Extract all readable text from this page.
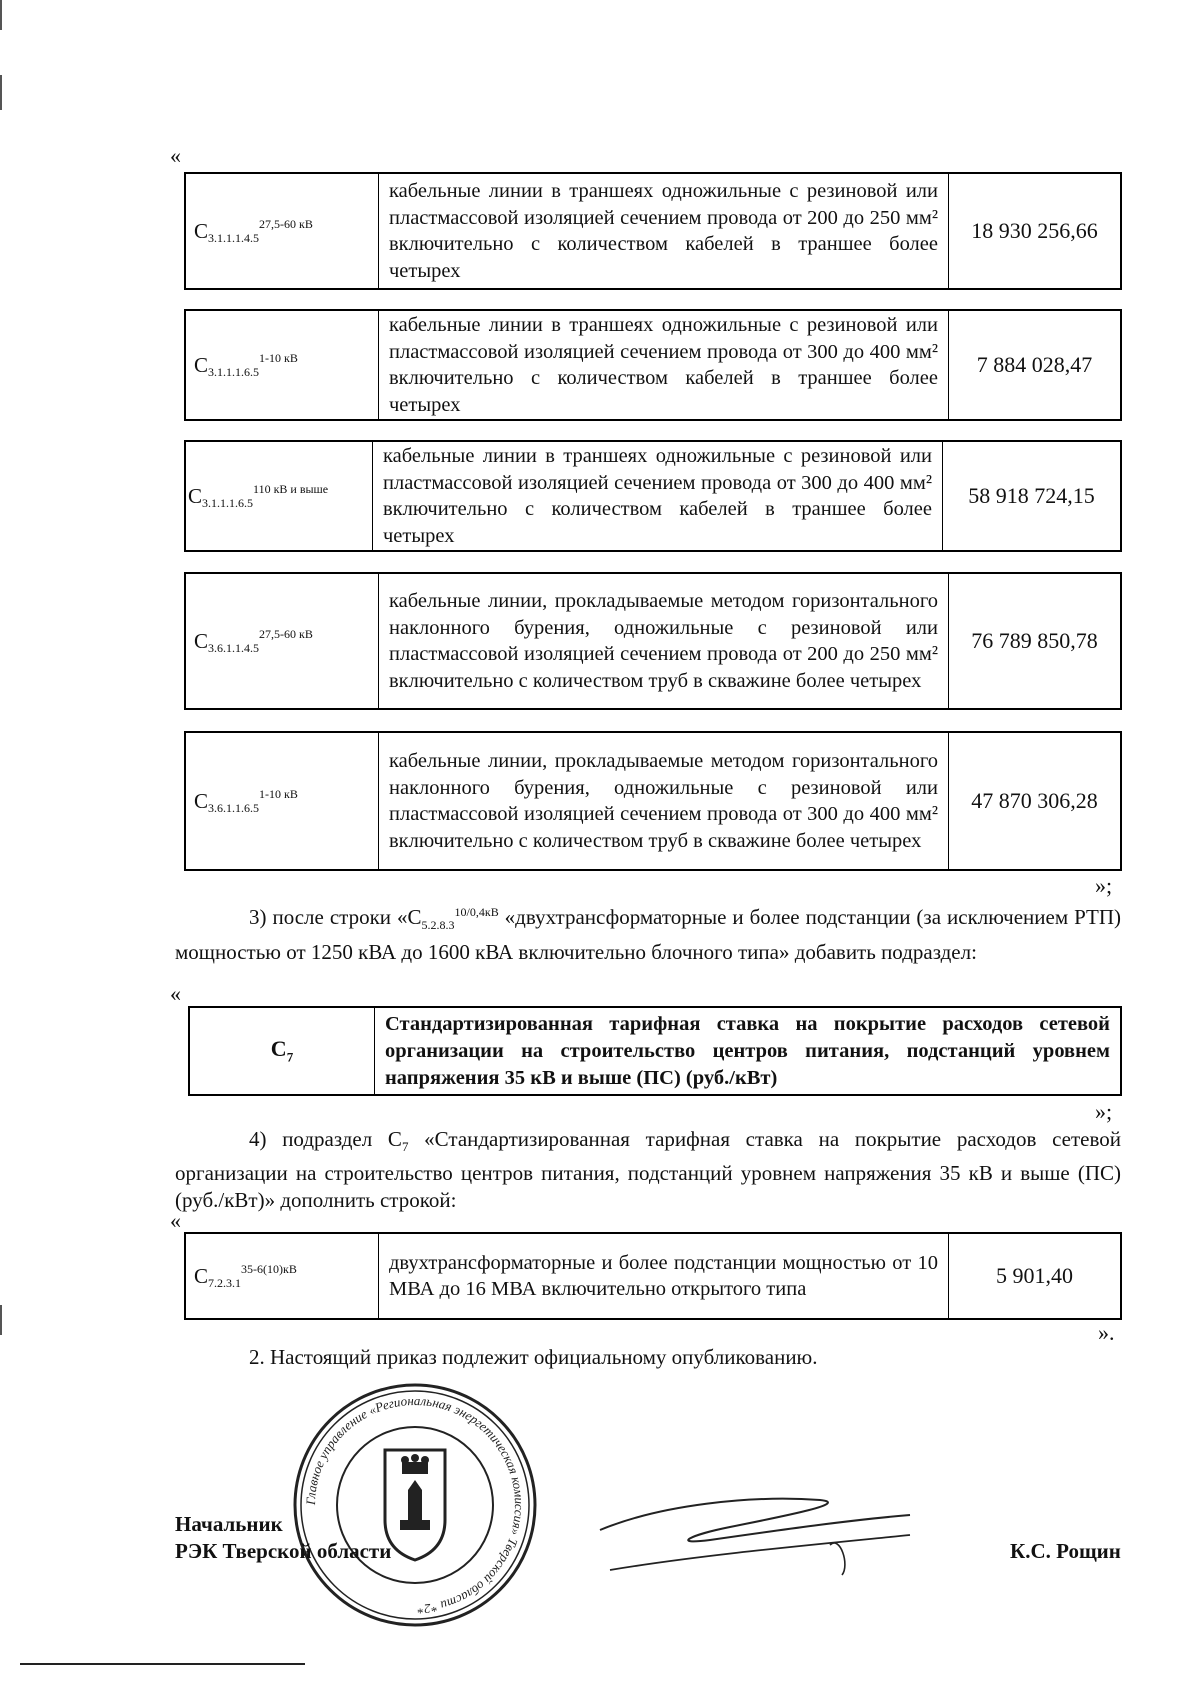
«
$С_{3.1.1.1.4.5}^{27,5-60 кВ}$	кабельные линии в траншеях одножильные с резиновой или пластмассовой изоляцией сечением провода от 200 до 250 мм² включительно с количеством кабелей в траншее более четырех	18 930 256,66
$С_{3.1.1.1.6.5}^{1-10 кВ}$	кабельные линии в траншеях одножильные с резиновой или пластмассовой изоляцией сечением провода от 300 до 400 мм² включительно с количеством кабелей в траншее более четырех	7 884 028,47
$С_{3.1.1.1.6.5}^{110 кВ и выше}$	кабельные линии в траншеях одножильные с резиновой или пластмассовой изоляцией сечением провода от 300 до 400 мм² включительно с количеством кабелей в траншее более четырех	58 918 724,15
$С_{3.6.1.1.4.5}^{27,5-60 кВ}$	кабельные линии, прокладываемые методом горизонтального наклонного бурения, одножильные с резиновой или пластмассовой изоляцией сечением провода от 200 до 250 мм² включительно с количеством труб в скважине более четырех	76 789 850,78
$С_{3.6.1.1.6.5}^{1-10 кВ}$	кабельные линии, прокладываемые методом горизонтального наклонного бурения, одножильные с резиновой или пластмассовой изоляцией сечением провода от 300 до 400 мм² включительно с количеством труб в скважине более четырех	47 870 306,28
»;
3) после строки «$С_{5.2.8.3}^{10/0,4кВ}$ «двухтрансформаторные и более подстанции (за исключением РТП) мощностью от 1250 кВА до 1600 кВА включительно блочного типа» добавить подраздел:
«
$С_7$	Стандартизированная тарифная ставка на покрытие расходов сетевой организации на строительство центров питания, подстанций уровнем напряжения 35 кВ и выше (ПС) (руб./кВт)
»;
4) подраздел $С_7$ «Стандартизированная тарифная ставка на покрытие расходов сетевой организации на строительство центров питания, подстанций уровнем напряжения 35 кВ и выше (ПС) (руб./кВт)» дополнить строкой:
«
$С_{7.2.3.1}^{35-6(10)кВ}$	двухтрансформаторные и более подстанции мощностью от 10 МВА до 16 МВА включительно открытого типа	5 901,40
».
2. Настоящий приказ подлежит официальному опубликованию.
Главное управление «Региональная энергетическая комиссия» Тверской области *2*
Начальник
РЭК Тверской области	К.С. Рощин
